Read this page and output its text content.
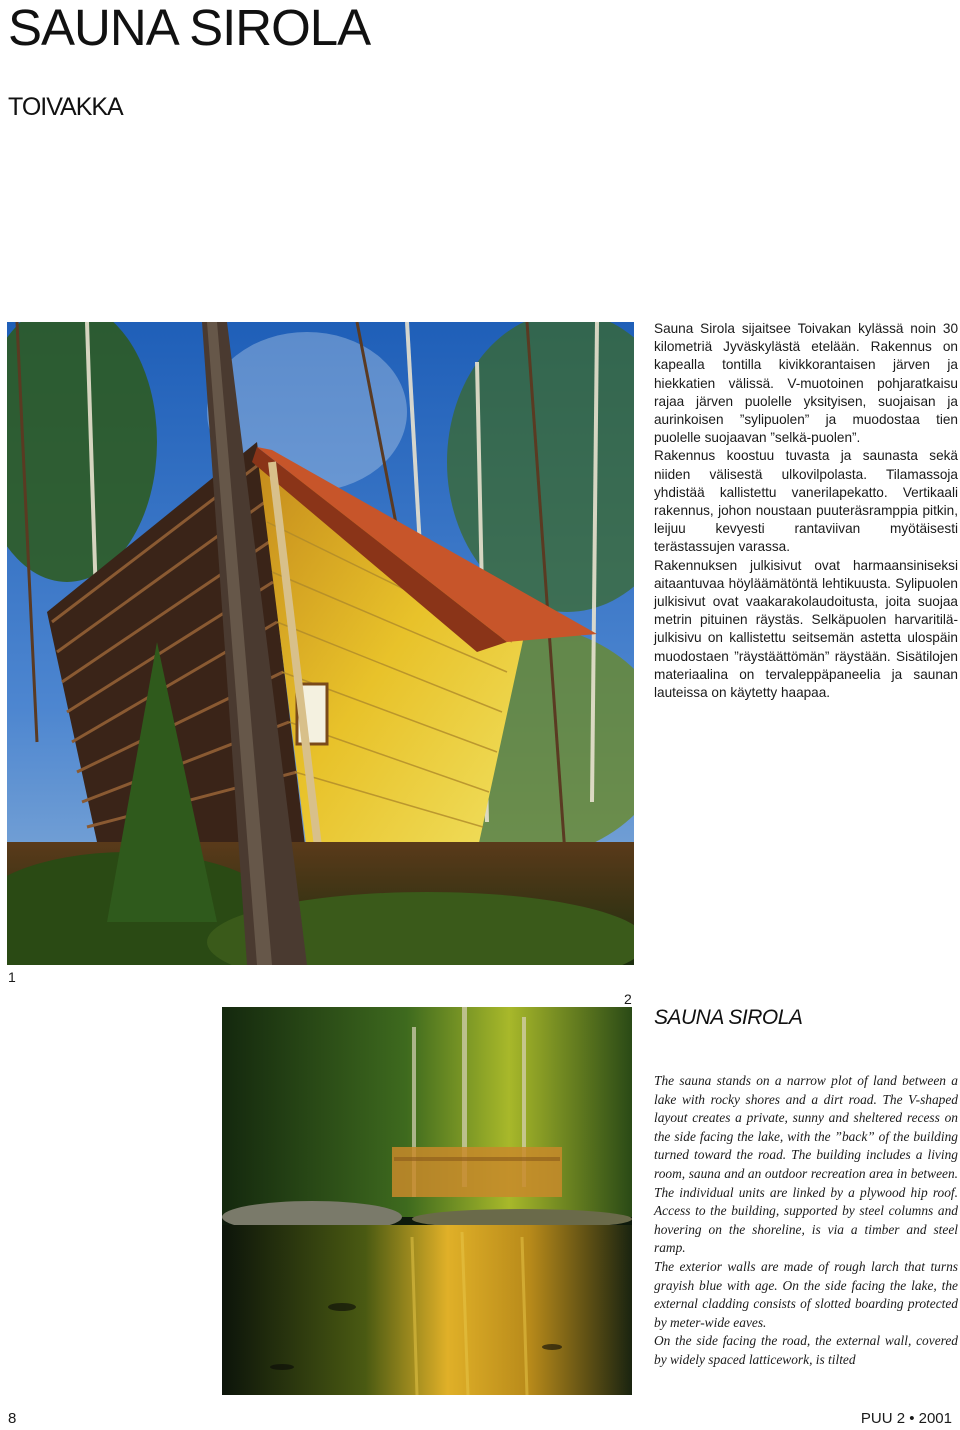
SAUNA SIROLA
TOIVAKKA
1

Sauna Sirola sijaitsee Toivakan kylässä noin 30 kilometriä Jyväskylästä etelään. Rakennus on kapealla tontilla kivikkorantaisen järven ja hiekkatien välissä. V-muotoinen pohjaratkaisu rajaa järven puolelle yksityisen, suojaisan ja aurinkoisen ”sylipuolen” ja muodostaa tien puolelle suojaavan ”selkä-puolen”.

Rakennus koostuu tuvasta ja saunasta sekä niiden välisestä ulkovilpolasta. Tilamassoja yhdistää kallistettu vanerilapekatto. Vertikaali rakennus, johon noustaan puuteräsramppia pitkin, leijuu kevyesti rantaviivan myötäisesti terästassujen varassa.

Rakennuksen julkisivut ovat harmaansiniseksi aitaantuvaa höyläämätöntä lehtikuusta. Sylipuolen julkisivut ovat vaakarakolaudoitusta, joita suojaa metrin pituinen räystäs. Selkäpuolen harvaritilä-julkisivu on kallistettu seitsemän astetta ulospäin muodostaen ”räystäättömän” räystään. Sisätilojen materiaalina on tervaleppäpaneelia ja saunan lauteissa on käytetty haapaa.

2
SAUNA SIROLA

The sauna stands on a narrow plot of land between a lake with rocky shores and a dirt road. The V-shaped layout creates a private, sunny and sheltered recess on the side facing the lake, with the ”back” of the building turned toward the road. The building includes a living room, sauna and an outdoor recreation area in between. The individual units are linked by a plywood hip roof. Access to the building, supported by steel columns and hovering on the shoreline, is via a timber and steel ramp.

The exterior walls are made of rough larch that turns grayish blue with age. On the side facing the lake, the external cladding consists of slotted boarding protected by meter-wide eaves.

On the side facing the road, the external wall, covered by widely spaced latticework, is tilted

8	PUU 2 • 2001
